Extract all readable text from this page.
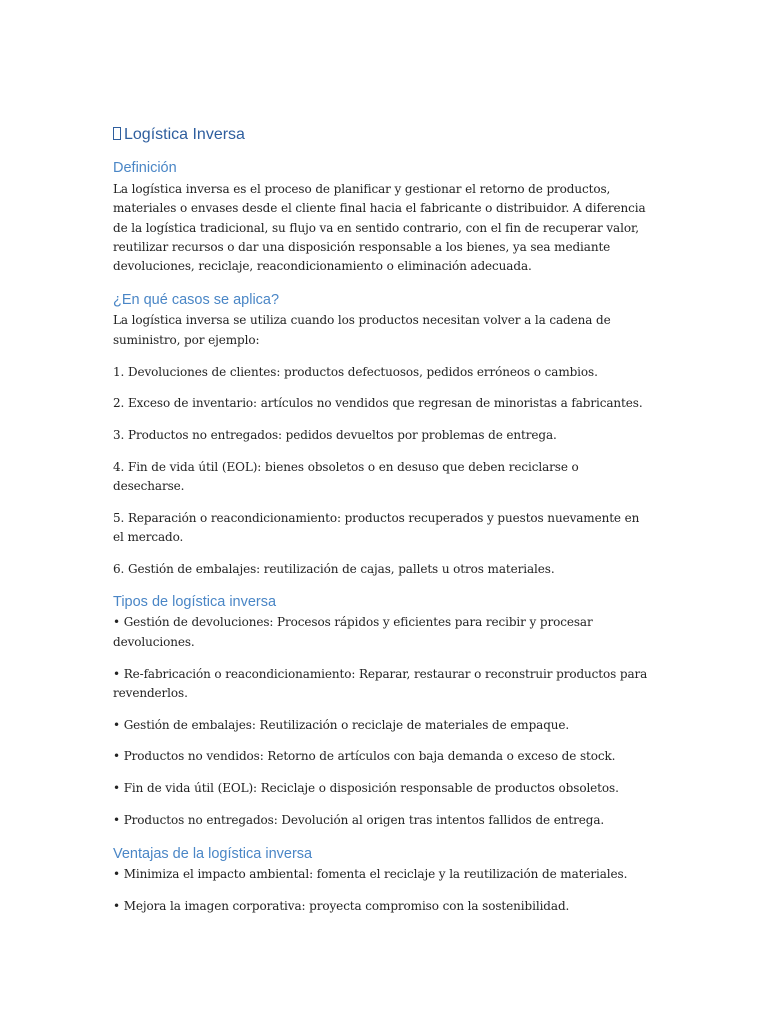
Logística Inversa
Definición

La logística inversa es el proceso de planificar y gestionar el retorno de productos, materiales o envases desde el cliente final hacia el fabricante o distribuidor. A diferencia de la logística tradicional, su flujo va en sentido contrario, con el fin de recuperar valor, reutilizar recursos o dar una disposición responsable a los bienes, ya sea mediante devoluciones, reciclaje, reacondicionamiento o eliminación adecuada.

¿En qué casos se aplica?

La logística inversa se utiliza cuando los productos necesitan volver a la cadena de suministro, por ejemplo:

1. Devoluciones de clientes: productos defectuosos, pedidos erróneos o cambios.

2. Exceso de inventario: artículos no vendidos que regresan de minoristas a fabricantes.

3. Productos no entregados: pedidos devueltos por problemas de entrega.

4. Fin de vida útil (EOL): bienes obsoletos o en desuso que deben reciclarse o desecharse.

5. Reparación o reacondicionamiento: productos recuperados y puestos nuevamente en el mercado.

6. Gestión de embalajes: reutilización de cajas, pallets u otros materiales.

Tipos de logística inversa

• Gestión de devoluciones: Procesos rápidos y eficientes para recibir y procesar devoluciones.

• Re-fabricación o reacondicionamiento: Reparar, restaurar o reconstruir productos para revenderlos.

• Gestión de embalajes: Reutilización o reciclaje de materiales de empaque.

• Productos no vendidos: Retorno de artículos con baja demanda o exceso de stock.

• Fin de vida útil (EOL): Reciclaje o disposición responsable de productos obsoletos.

• Productos no entregados: Devolución al origen tras intentos fallidos de entrega.

Ventajas de la logística inversa

• Minimiza el impacto ambiental: fomenta el reciclaje y la reutilización de materiales.

• Mejora la imagen corporativa: proyecta compromiso con la sostenibilidad.
